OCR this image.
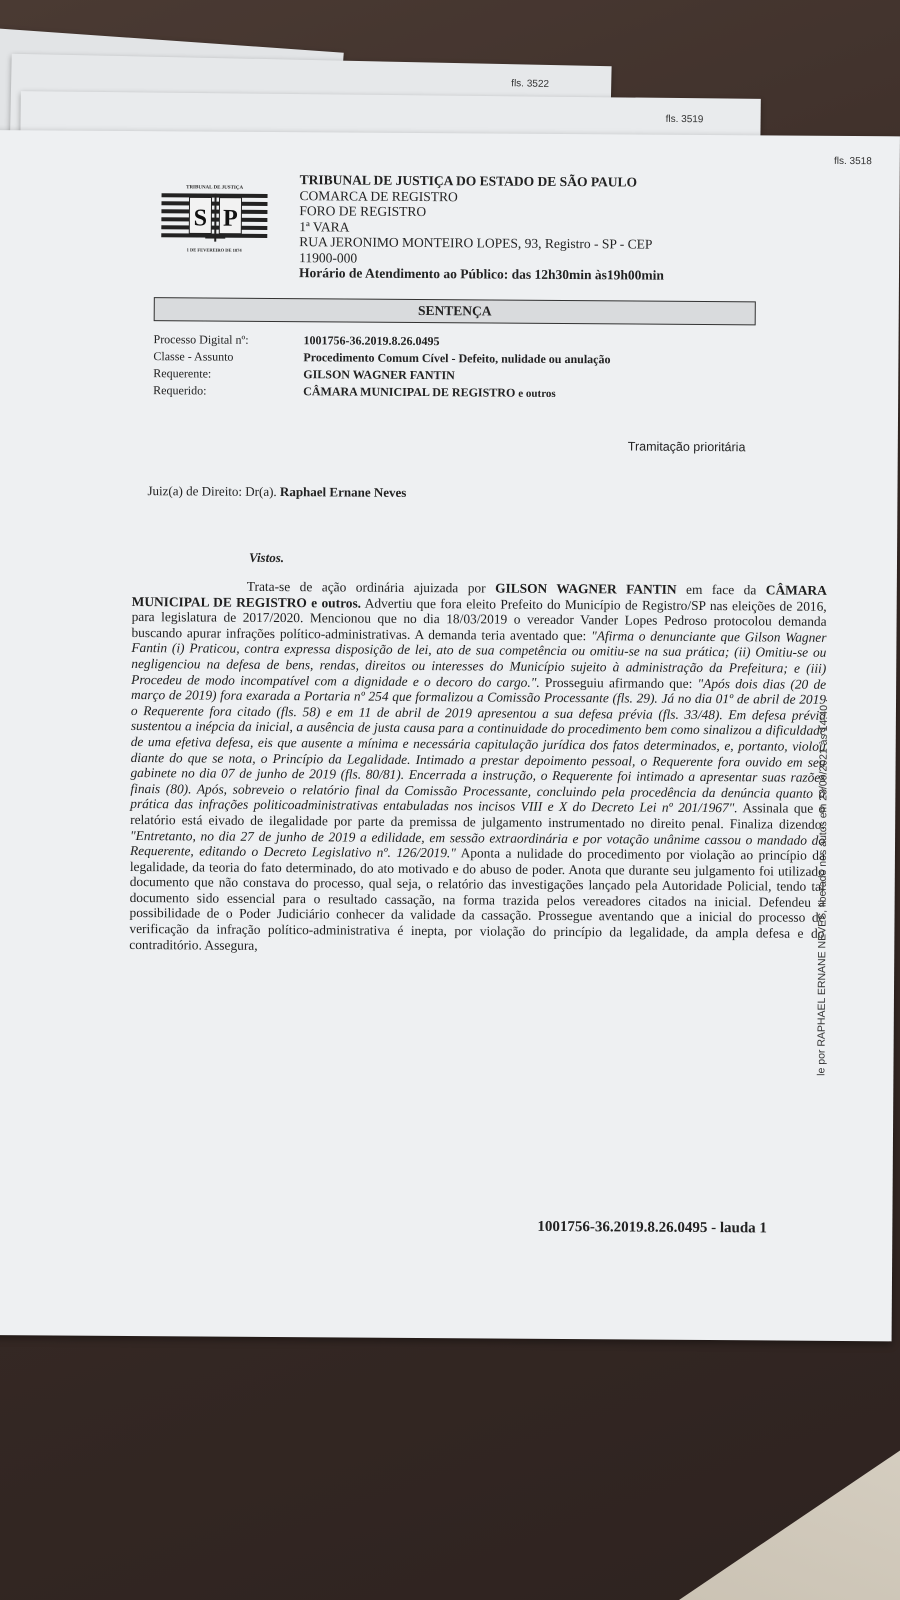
fls. 3522
fls. 3519
fls. 3518
TRIBUNAL DE JUSTIÇA
S P
1 DE FEVEREIRO DE 1874
TRIBUNAL DE JUSTIÇA DO ESTADO DE SÃO PAULO
COMARCA DE REGISTRO
FORO DE REGISTRO
1ª VARA
RUA JERONIMO MONTEIRO LOPES, 93, Registro - SP - CEP
11900-000
Horário de Atendimento ao Público: das 12h30min às19h00min
SENTENÇA
Processo Digital nº:	1001756-36.2019.8.26.0495
Classe - Assunto	Procedimento Comum Cível - Defeito, nulidade ou anulação
Requerente:	GILSON WAGNER FANTIN
Requerido:	CÂMARA MUNICIPAL DE REGISTRO e outros
Tramitação prioritária
Juiz(a) de Direito: Dr(a). Raphael Ernane Neves
Vistos.
Trata-se de ação ordinária ajuizada por GILSON WAGNER FANTIN em face da CÂMARA MUNICIPAL DE REGISTRO e outros. Advertiu que fora eleito Prefeito do Município de Registro/SP nas eleições de 2016, para legislatura de 2017/2020. Mencionou que no dia 18/03/2019 o vereador Vander Lopes Pedroso protocolou demanda buscando apurar infrações político-administrativas. A demanda teria aventado que: "Afirma o denunciante que Gilson Wagner Fantin (i) Praticou, contra expressa disposição de lei, ato de sua competência ou omitiu-se na sua prática; (ii) Omitiu-se ou negligenciou na defesa de bens, rendas, direitos ou interesses do Município sujeito à administração da Prefeitura; e (iii) Procedeu de modo incompatível com a dignidade e o decoro do cargo.". Prosseguiu afirmando que: "Após dois dias (20 de março de 2019) fora exarada a Portaria nº 254 que formalizou a Comissão Processante (fls. 29). Já no dia 01º de abril de 2019 o Requerente fora citado (fls. 58) e em 11 de abril de 2019 apresentou a sua defesa prévia (fls. 33/48). Em defesa prévia sustentou a inépcia da inicial, a ausência de justa causa para a continuidade do procedimento bem como sinalizou a dificuldade de uma efetiva defesa, eis que ausente a mínima e necessária capitulação jurídica dos fatos determinados, e, portanto, violou diante do que se nota, o Princípio da Legalidade. Intimado a prestar depoimento pessoal, o Requerente fora ouvido em seu gabinete no dia 07 de junho de 2019 (fls. 80/81). Encerrada a instrução, o Requerente foi intimado a apresentar suas razões finais (80). Após, sobreveio o relatório final da Comissão Processante, concluindo pela procedência da denúncia quanto à prática das infrações politicoadministrativas entabuladas nos incisos VIII e X do Decreto Lei nº 201/1967". Assinala que o relatório está eivado de ilegalidade por parte da premissa de julgamento instrumentado no direito penal. Finaliza dizendo: "Entretanto, no dia 27 de junho de 2019 a edilidade, em sessão extraordinária e por votação unânime cassou o mandado do Requerente, editando o Decreto Legislativo nº. 126/2019." Aponta a nulidade do procedimento por violação ao princípio da legalidade, da teoria do fato determinado, do ato motivado e do abuso de poder. Anota que durante seu julgamento foi utilizado documento que não constava do processo, qual seja, o relatório das investigações lançado pela Autoridade Policial, tendo tal documento sido essencial para o resultado cassação, na forma trazida pelos vereadores citados na inicial. Defendeu a possibilidade de o Poder Judiciário conhecer da validade da cassação. Prossegue aventando que a inicial do processo de verificação da infração político-administrativa é inepta, por violação do princípio da legalidade, da ampla defesa e do contraditório. Assegura,
1001756-36.2019.8.26.0495 - lauda 1
le por RAPHAEL ERNANE NEVES, liberado nos autos em 23/09/2021 às 14:40 .
